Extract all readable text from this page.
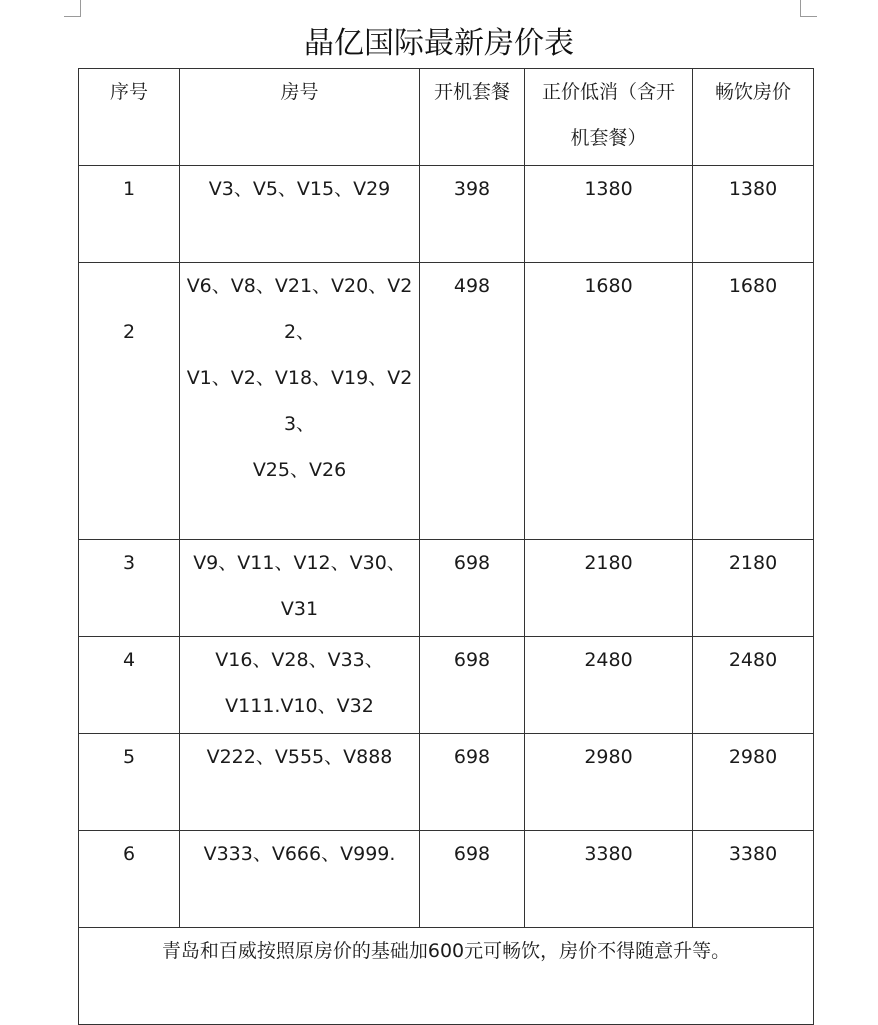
晶亿国际最新房价表
序号	房号	开机套餐	正价低消（含开
机套餐）	畅饮房价
1	V3、V5、V15、V29	398	1380	1380
2	V6、V8、V21、V20、V2
2、
V1、V2、V18、V19、V2
3、
V25、V26	498	1680	1680
3	V9、V11、V12、V30、
V31	698	2180	2180
4	V16、V28、V33、
V111.V10、V32	698	2480	2480
5	V222、V555、V888	698	2980	2980
6	V333、V666、V999.	698	3380	3380
青岛和百威按照原房价的基础加600元可畅饮，房价不得随意升等。				
